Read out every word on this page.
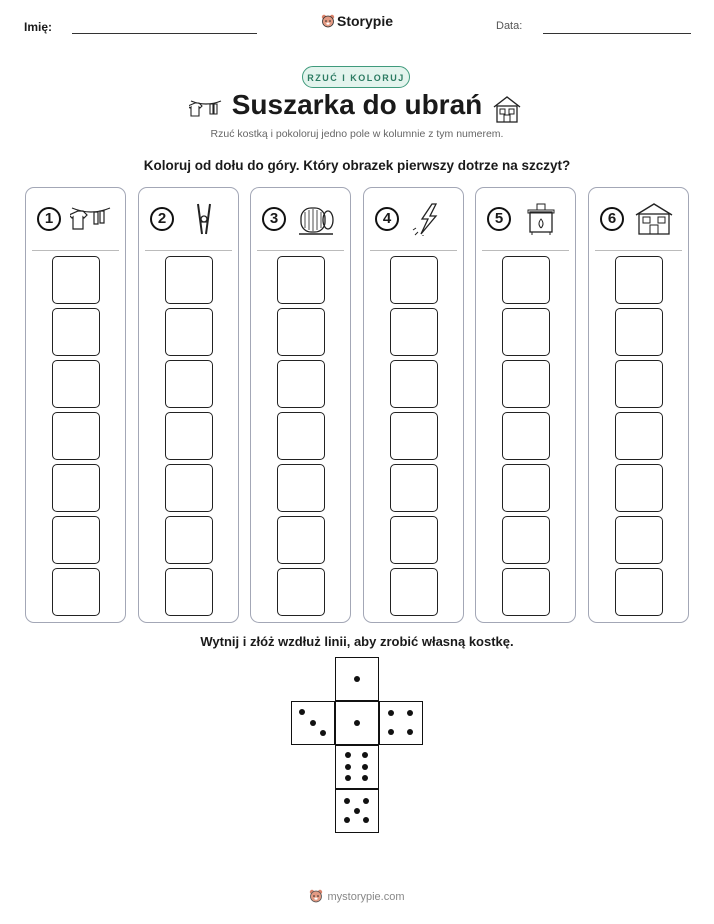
Imię:	Storypie	Data:
RZUĆ I KOLORUJ
Suszarka do ubrań
Rzuć kostką i pokoloruj jedno pole w kolumnie z tym numerem.
Koloruj od dołu do góry. Który obrazek pierwszy dotrze na szczyt?
1	2	3	4	5	6
Wytnij i złóż wzdłuż linii, aby zrobić własną kostkę.
mystorypie.com
